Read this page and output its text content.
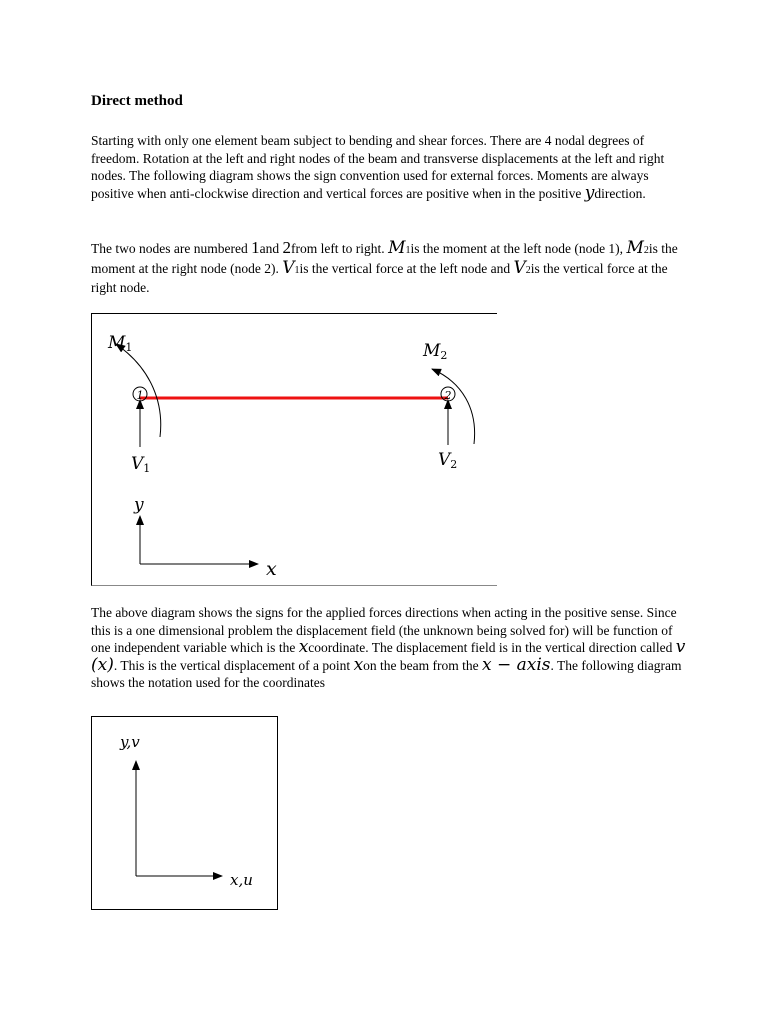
Direct method

Starting with only one element beam subject to bending and shear forces. There are 4 nodal degrees of freedom. Rotation at the left and right nodes of the beam and transverse displacements at the left and right nodes. The following diagram shows the sign convention used for external forces. Moments are always positive when anti-clockwise direction and vertical forces are positive when in the positive ydirection.

The two nodes are numbered 1and 2from left to right. M1is the moment at the left node (node 1), M2is the moment at the right node (node 2). V1is the vertical force at the left node and V2is the vertical force at the right node.

1	2
M1	M2
V1	V2
y
x

The above diagram shows the signs for the applied forces directions when acting in the positive sense. Since this is a one dimensional problem the displacement field (the unknown being solved for) will be function of one independent variable which is the xcoordinate. The displacement field is in the vertical direction called v (x). This is the vertical displacement of a point xon the beam from the x − axis. The following diagram shows the notation used for the coordinates

y,v
x,u
